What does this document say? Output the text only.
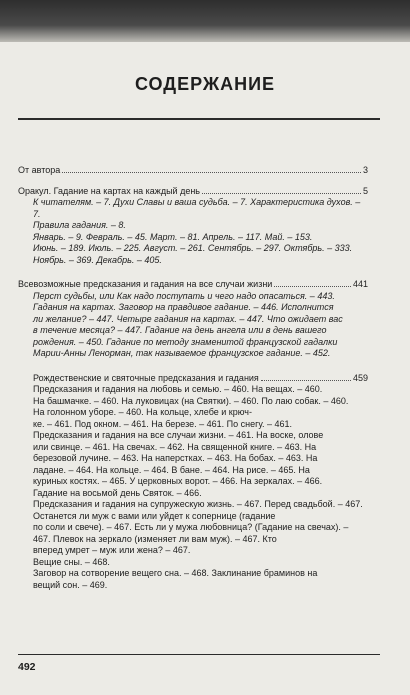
СОДЕРЖАНИЕ
От автора	3
Оракул. Гадание на картах на каждый день	5

К читателям. – 7. Духи Славы и ваша судьба. – 7. Характеристика духов. – 7.

Правила гадания. – 8.

Январь. – 9. Февраль. – 45. Март. – 81. Апрель. – 117. Май. – 153.

Июнь. – 189. Июль. – 225. Август. – 261. Сентябрь. – 297. Октябрь. – 333.

Ноябрь. – 369. Декабрь. – 405.

Всевозможные предсказания и гадания на все случаи жизни	441

Перст судьбы, или Как надо поступать и чего надо опасаться. – 443.

Гадания на картах. Заговор на правдивое гадание. – 446. Исполнится

ли желание? – 447. Четыре гадания на картах. – 447. Что ожидает вас

в течение месяца? – 447. Гадание на день ангела или в день вашего

рождения. – 450. Гадание по методу знаменитой французской гадалки

Марии-Анны Ленорман, так называемое французское гадание. – 452.

Рождественские и святочные предсказания и гадания	459

Предсказания и гадания на любовь и семью. – 460. На вещах. – 460.

На башмачке. – 460. На луковицах (на Святки). – 460. По лаю собак. – 460.

На голонном уборе. – 460. На кольце, хлебе и крюч-

ке. – 461. Под окном. – 461. На березе. – 461. По снегу. – 461.

Предсказания и гадания на все случаи жизни. – 461. На воске, олове

или свинце. – 461. На свечах. – 462. На священной книге. – 463. На

березовой лучине. – 463. На наперстках. – 463. На бобах. – 463. На

ладане. – 464. На кольце. – 464. В бане. – 464. На рисе. – 465. На

куриных костях. – 465. У церковных ворот. – 466. На зеркалах. – 466.

Гадание на восьмой день Святок. – 466.

Предсказания и гадания на супружескую жизнь. – 467. Перед свадьбой. – 467. Останется ли муж с вами или уйдет к сопернице (гадание

по соли и свече). – 467. Есть ли у мужа любовница? (Гадание на свечах). – 467. Плевок на зеркало (изменяет ли вам муж). – 467. Кто

вперед умрет – муж или жена? – 467.

Вещие сны. – 468.

Заговор на сотворение вещего сна. – 468. Заклинание браминов на

вещий сон. – 469.

492
